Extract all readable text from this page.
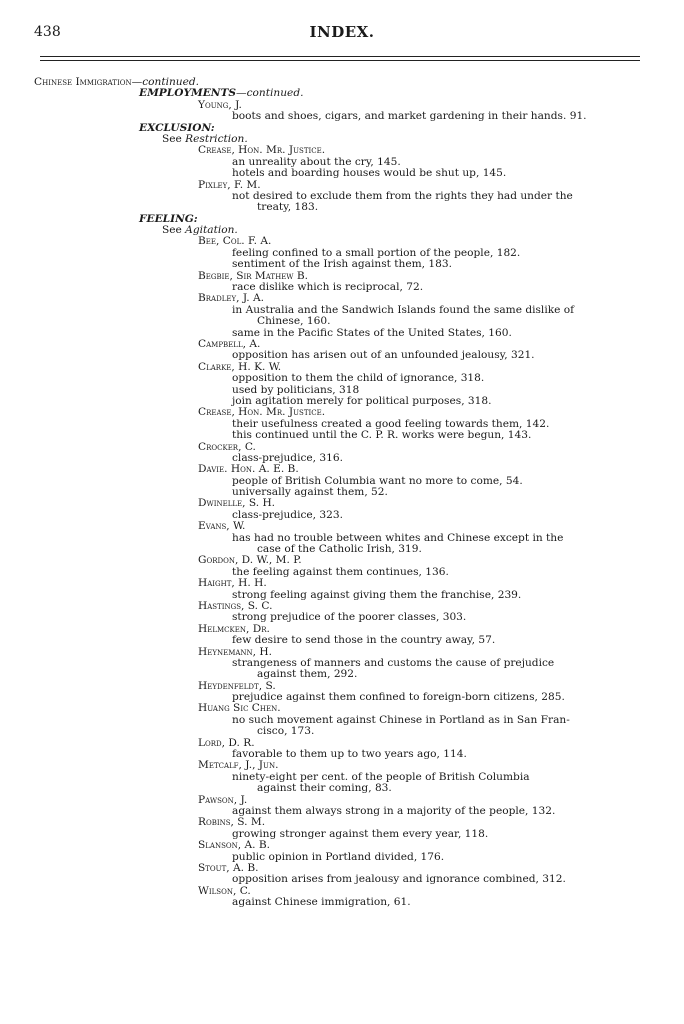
438	INDEX.
Chinese Immigration—continued.
EMPLOYMENTS—continued.
Young, J.
boots and shoes, cigars, and market gardening in their hands. 91.
EXCLUSION:
See Restriction.
Crease, Hon. Mr. Justice.
an unreality about the cry, 145.
hotels and boarding houses would be shut up, 145.
Pixley, F. M.
not desired to exclude them from the rights they had under the
treaty, 183.
FEELING:
See Agitation.
Bee, Col. F. A.
feeling confined to a small portion of the people, 182.
sentiment of the Irish against them, 183.
Begbie, Sir Mathew B.
race dislike which is reciprocal, 72.
Bradley, J. A.
in Australia and the Sandwich Islands found the same dislike of
Chinese, 160.
same in the Pacific States of the United States, 160.
Campbell, A.
opposition has arisen out of an unfounded jealousy, 321.
Clarke, H. K. W.
opposition to them the child of ignorance, 318.
used by politicians, 318
join agitation merely for political purposes, 318.
Crease, Hon. Mr. Justice.
their usefulness created a good feeling towards them, 142.
this continued until the C. P. R. works were begun, 143.
Crocker, C.
class-prejudice, 316.
Davie. Hon. A. E. B.
people of British Columbia want no more to come, 54.
universally against them, 52.
Dwinelle, S. H.
class-prejudice, 323.
Evans, W.
has had no trouble between whites and Chinese except in the
case of the Catholic Irish, 319.
Gordon, D. W., M. P.
the feeling against them continues, 136.
Haight, H. H.
strong feeling against giving them the franchise, 239.
Hastings, S. C.
strong prejudice of the poorer classes, 303.
Helmcken, Dr.
few desire to send those in the country away, 57.
Heynemann, H.
strangeness of manners and customs the cause of prejudice
against them, 292.
Heydenfeldt, S.
prejudice against them confined to foreign-born citizens, 285.
Huang Sic Chen.
no such movement against Chinese in Portland as in San Fran-
cisco, 173.
Lord, D. R.
favorable to them up to two years ago, 114.
Metcalf, J., Jun.
ninety-eight per cent. of the people of British Columbia
against their coming, 83.
Pawson, J.
against them always strong in a majority of the people, 132.
Robins, S. M.
growing stronger against them every year, 118.
Slanson, A. B.
public opinion in Portland divided, 176.
Stout, A. B.
opposition arises from jealousy and ignorance combined, 312.
Wilson, C.
against Chinese immigration, 61.
